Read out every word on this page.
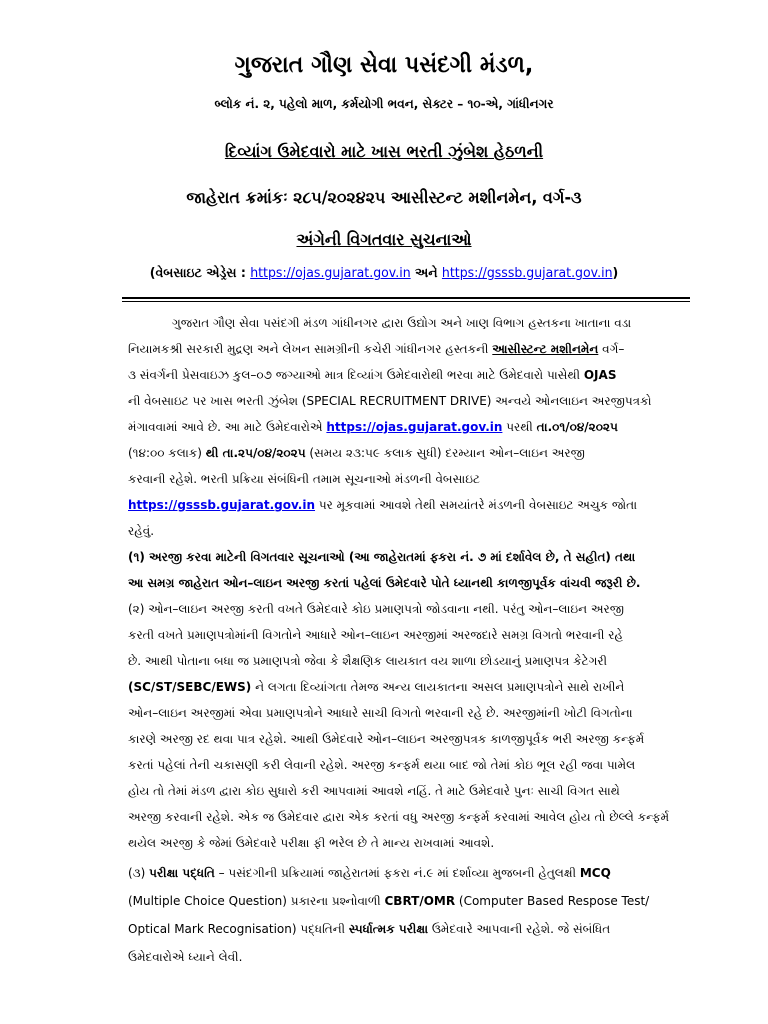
ગુજરાત ગૌણ સેવા પસંદગી મંડળ,
બ્લોક નં. ૨, પહેલો માળ, કર્મયોગી ભવન, સેક્ટર – ૧૦-એ, ગાંધીનગર
દિવ્યાંગ ઉમેદવારો માટે ખાસ ભરતી ઝુંબેશ હેઠળની
જાહેરાત ક્રમાંકઃ ૨૮૫/૨૦૨૪૨૫ આસીસ્ટન્ટ મશીનમેન, વર્ગ-૩
અંગેની વિગતવાર સુચનાઓ
(વેબસાઇટ એડ્રેસ : https://ojas.gujarat.gov.in અને https://gsssb.gujarat.gov.in)
ગુજરાત ગૌણ સેવા પસંદગી મંડળ ગાંધીનગર દ્વારા ઉદ્યોગ અને ખાણ વિભાગ હસ્તકના ખાતાના વડા
નિયામકશ્રી સરકારી મુદ્રણ અને લેખન સામગ્રીની કચેરી ગાંધીનગર હસ્તકની આસીસ્ટન્ટ મશીનમેન વર્ગ–
૩ સંવર્ગની પ્રેસવાઇઝ કુલ–૦૭ જગ્યાઓ માત્ર દિવ્યાંગ ઉમેદવારોથી ભરવા માટે ઉમેદવારો પાસેથી OJAS
ની વેબસાઇટ પર ખાસ ભરતી ઝુંબેશ (SPECIAL RECRUITMENT DRIVE) અન્વયે ઓનલાઇન અરજીપત્રકો
મંગાવવામાં આવે છે. આ માટે ઉમેદવારોએ https://ojas.gujarat.gov.in પરથી તા.૦૧/૦૪/૨૦૨૫
(૧૪:૦૦ કલાક) થી તા.૨૫/૦૪/૨૦૨૫ (સમય ૨૩:૫૯ કલાક સુધી) દરમ્યાન ઓન–લાઇન અરજી
કરવાની રહેશે. ભરતી પ્રક્રિયા સંબંધિની તમામ સૂચનાઓ મંડળની વેબસાઇટ
https://gsssb.gujarat.gov.in પર મૂકવામાં આવશે તેથી સમયાંતરે મંડળની વેબસાઇટ અચુક જોતા
રહેવું.
(૧) અરજી કરવા માટેની વિગતવાર સૂચનાઓ (આ જાહેરાતમાં ફકરા નં. ૭ માં દર્શાવેલ છે, તે સહીત) તથા
આ સમગ્ર જાહેરાત ઓન–લાઇન અરજી કરતાં પહેલાં ઉમેદવારે પોતે ધ્યાનથી કાળજીપૂર્વક વાંચવી જરૂરી છે.
(૨) ઓન–લાઇન અરજી કરતી વખતે ઉમેદવારે કોઇ પ્રમાણપત્રો જોડવાના નથી. પરંતુ ઓન–લાઇન અરજી
કરતી વખતે પ્રમાણપત્રોમાંની વિગતોને આધારે ઓન–લાઇન અરજીમાં અરજદારે સમગ્ર વિગતો ભરવાની રહે
છે. આથી પોતાના બધા જ પ્રમાણપત્રો જેવા કે શૈક્ષણિક લાયકાત વય શાળા છોડયાનું પ્રમાણપત્ર કેટેગરી
(SC/ST/SEBC/EWS) ને લગતા દિવ્યાંગતા તેમજ અન્ય લાયકાતના અસલ પ્રમાણપત્રોને સાથે રાખીને
ઓન–લાઇન અરજીમાં એવા પ્રમાણપત્રોને આધારે સાચી વિગતો ભરવાની રહે છે. અરજીમાંની ખોટી વિગતોના
કારણે અરજી રદ થવા પાત્ર રહેશે. આથી ઉમેદવારે ઓન–લાઇન અરજીપત્રક કાળજીપૂર્વક ભરી અરજી કન્ફર્મ
કરતાં પહેલાં તેની ચકાસણી કરી લેવાની રહેશે. અરજી કન્ફર્મ થયા બાદ જો તેમાં કોઇ ભૂલ રહી જવા પામેલ
હોય તો તેમાં મંડળ દ્વારા કોઇ સુધારો કરી આપવામાં આવશે નહિં. તે માટે ઉમેદવારે પુનઃ સાચી વિગત સાથે
અરજી કરવાની રહેશે. એક જ ઉમેદવાર દ્વારા એક કરતાં વધુ અરજી કન્ફર્મ કરવામાં આવેલ હોય તો છેલ્લે કન્ફર્મ
થયેલ અરજી કે જેમાં ઉમેદવારે પરીક્ષા ફી ભરેલ છે તે માન્ય રાખવામાં આવશે.
(૩) પરીક્ષા પદ્ધતિ – પસંદગીની પ્રક્રિયામાં જાહેરાતમાં ફકરા નં.૯ માં દર્શાવ્યા મુજબની હેતુલક્ષી MCQ
(Multiple Choice Question) પ્રકારના પ્રશ્નોવાળી CBRT/OMR (Computer Based Respose Test/
Optical Mark Recognisation) પદ્ધતિની સ્પર્ધાત્મક પરીક્ષા ઉમેદવારે આપવાની રહેશે. જે સંબંધિત
ઉમેદવારોએ ધ્યાને લેવી.
